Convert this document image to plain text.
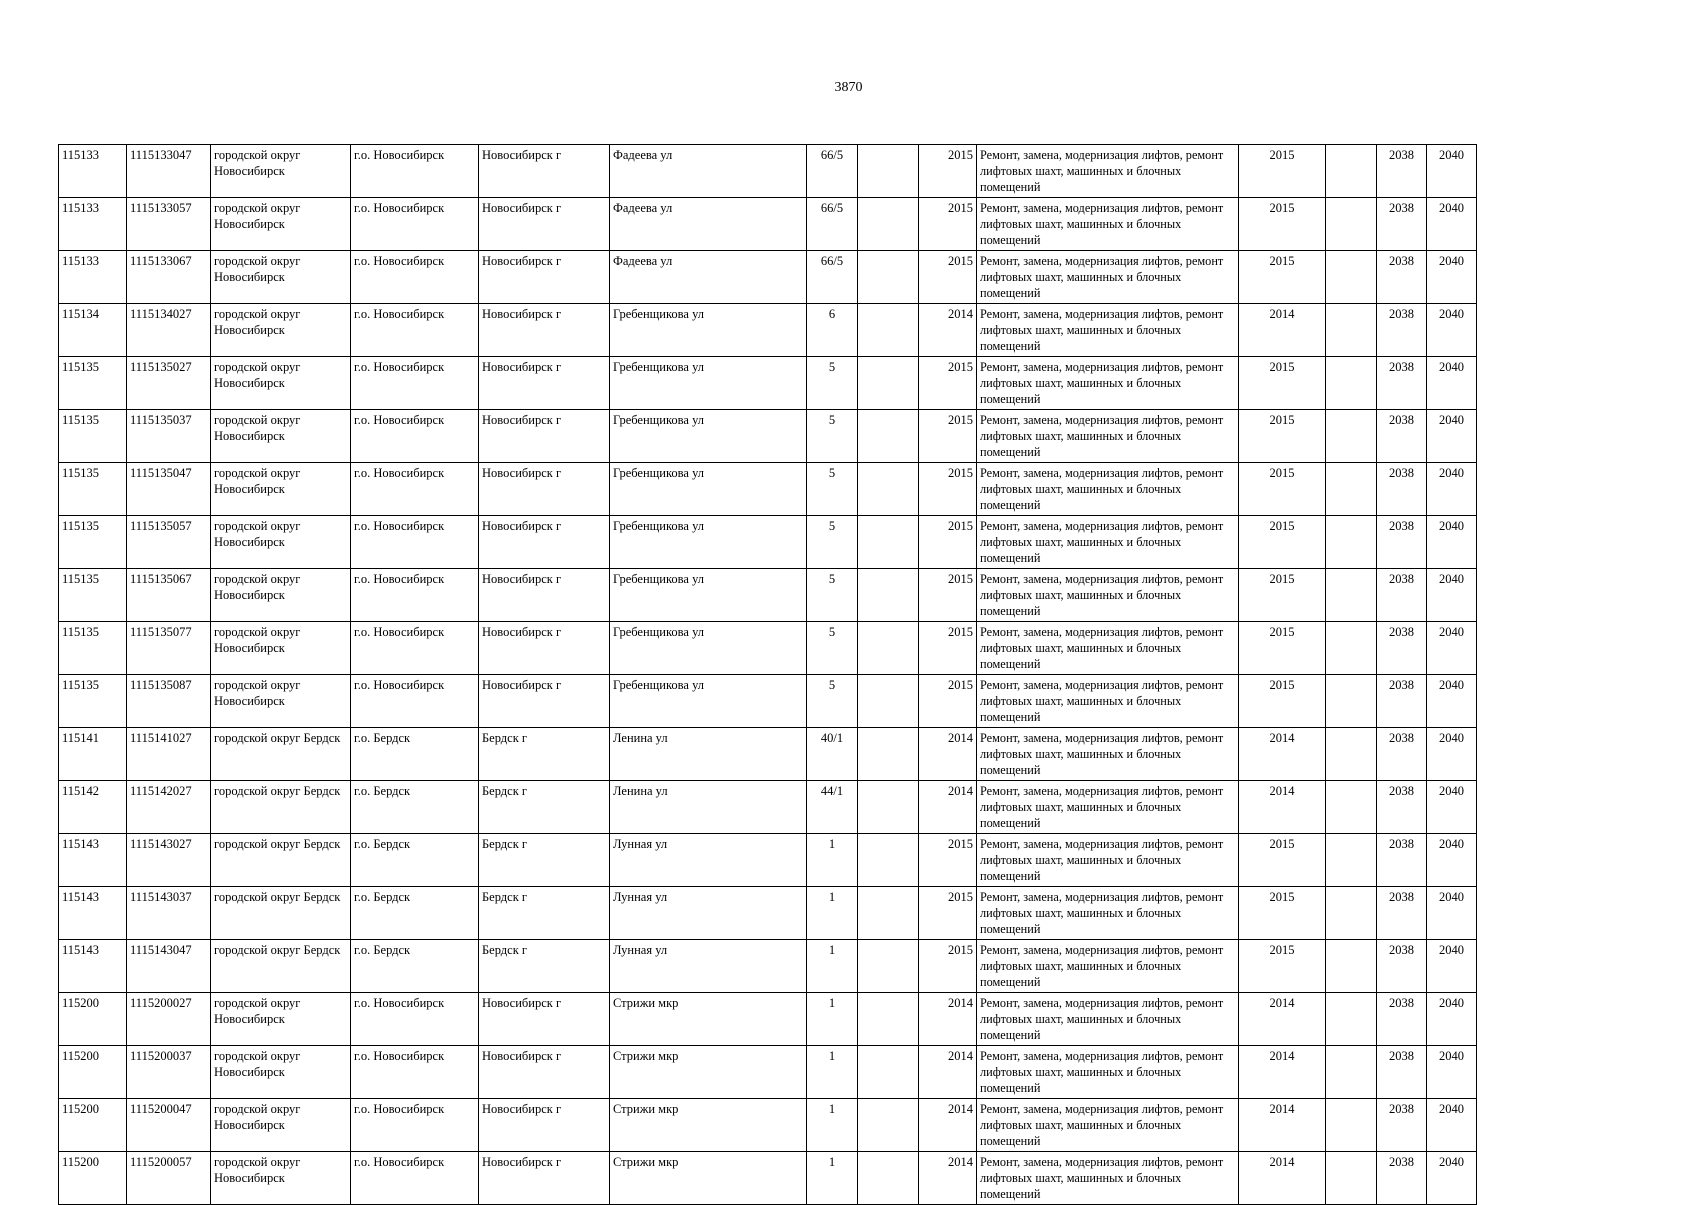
3870
115133	1115133047	городской округ Новосибирск	г.о. Новосибирск	Новосибирск г	Фадеева ул	66/5		2015	Ремонт, замена, модернизация лифтов, ремонт лифтовых шахт, машинных и блочных помещений	2015		2038	2040
115133	1115133057	городской округ Новосибирск	г.о. Новосибирск	Новосибирск г	Фадеева ул	66/5		2015	Ремонт, замена, модернизация лифтов, ремонт лифтовых шахт, машинных и блочных помещений	2015		2038	2040
115133	1115133067	городской округ Новосибирск	г.о. Новосибирск	Новосибирск г	Фадеева ул	66/5		2015	Ремонт, замена, модернизация лифтов, ремонт лифтовых шахт, машинных и блочных помещений	2015		2038	2040
115134	1115134027	городской округ Новосибирск	г.о. Новосибирск	Новосибирск г	Гребенщикова ул	6		2014	Ремонт, замена, модернизация лифтов, ремонт лифтовых шахт, машинных и блочных помещений	2014		2038	2040
115135	1115135027	городской округ Новосибирск	г.о. Новосибирск	Новосибирск г	Гребенщикова ул	5		2015	Ремонт, замена, модернизация лифтов, ремонт лифтовых шахт, машинных и блочных помещений	2015		2038	2040
115135	1115135037	городской округ Новосибирск	г.о. Новосибирск	Новосибирск г	Гребенщикова ул	5		2015	Ремонт, замена, модернизация лифтов, ремонт лифтовых шахт, машинных и блочных помещений	2015		2038	2040
115135	1115135047	городской округ Новосибирск	г.о. Новосибирск	Новосибирск г	Гребенщикова ул	5		2015	Ремонт, замена, модернизация лифтов, ремонт лифтовых шахт, машинных и блочных помещений	2015		2038	2040
115135	1115135057	городской округ Новосибирск	г.о. Новосибирск	Новосибирск г	Гребенщикова ул	5		2015	Ремонт, замена, модернизация лифтов, ремонт лифтовых шахт, машинных и блочных помещений	2015		2038	2040
115135	1115135067	городской округ Новосибирск	г.о. Новосибирск	Новосибирск г	Гребенщикова ул	5		2015	Ремонт, замена, модернизация лифтов, ремонт лифтовых шахт, машинных и блочных помещений	2015		2038	2040
115135	1115135077	городской округ Новосибирск	г.о. Новосибирск	Новосибирск г	Гребенщикова ул	5		2015	Ремонт, замена, модернизация лифтов, ремонт лифтовых шахт, машинных и блочных помещений	2015		2038	2040
115135	1115135087	городской округ Новосибирск	г.о. Новосибирск	Новосибирск г	Гребенщикова ул	5		2015	Ремонт, замена, модернизация лифтов, ремонт лифтовых шахт, машинных и блочных помещений	2015		2038	2040
115141	1115141027	городской округ Бердск	г.о. Бердск	Бердск г	Ленина ул	40/1		2014	Ремонт, замена, модернизация лифтов, ремонт лифтовых шахт, машинных и блочных помещений	2014		2038	2040
115142	1115142027	городской округ Бердск	г.о. Бердск	Бердск г	Ленина ул	44/1		2014	Ремонт, замена, модернизация лифтов, ремонт лифтовых шахт, машинных и блочных помещений	2014		2038	2040
115143	1115143027	городской округ Бердск	г.о. Бердск	Бердск г	Лунная ул	1		2015	Ремонт, замена, модернизация лифтов, ремонт лифтовых шахт, машинных и блочных помещений	2015		2038	2040
115143	1115143037	городской округ Бердск	г.о. Бердск	Бердск г	Лунная ул	1		2015	Ремонт, замена, модернизация лифтов, ремонт лифтовых шахт, машинных и блочных помещений	2015		2038	2040
115143	1115143047	городской округ Бердск	г.о. Бердск	Бердск г	Лунная ул	1		2015	Ремонт, замена, модернизация лифтов, ремонт лифтовых шахт, машинных и блочных помещений	2015		2038	2040
115200	1115200027	городской округ Новосибирск	г.о. Новосибирск	Новосибирск г	Стрижи мкр	1		2014	Ремонт, замена, модернизация лифтов, ремонт лифтовых шахт, машинных и блочных помещений	2014		2038	2040
115200	1115200037	городской округ Новосибирск	г.о. Новосибирск	Новосибирск г	Стрижи мкр	1		2014	Ремонт, замена, модернизация лифтов, ремонт лифтовых шахт, машинных и блочных помещений	2014		2038	2040
115200	1115200047	городской округ Новосибирск	г.о. Новосибирск	Новосибирск г	Стрижи мкр	1		2014	Ремонт, замена, модернизация лифтов, ремонт лифтовых шахт, машинных и блочных помещений	2014		2038	2040
115200	1115200057	городской округ Новосибирск	г.о. Новосибирск	Новосибирск г	Стрижи мкр	1		2014	Ремонт, замена, модернизация лифтов, ремонт лифтовых шахт, машинных и блочных помещений	2014		2038	2040
